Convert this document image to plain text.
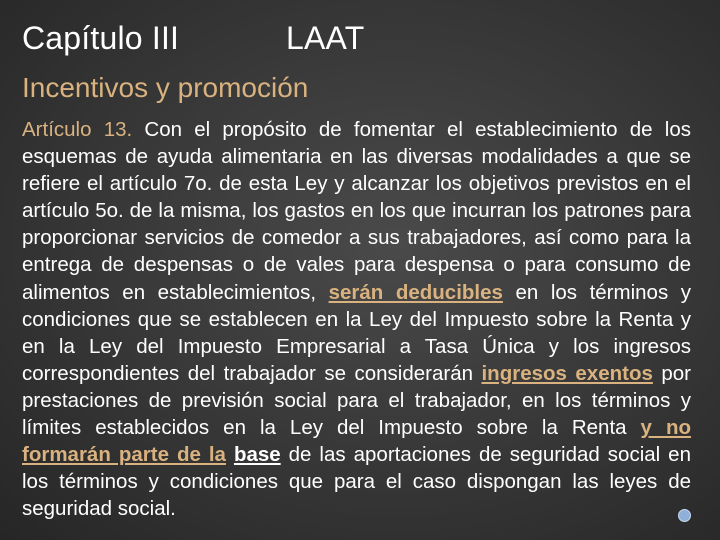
Capítulo III	LAAT
Incentivos y promoción
Artículo 13. Con el propósito de fomentar el establecimiento de los esquemas de ayuda alimentaria en las diversas modalidades a que se refiere el artículo 7o. de esta Ley y alcanzar los objetivos previstos en el artículo 5o. de la misma, los gastos en los que incurran los patrones para proporcionar servicios de comedor a sus trabajadores, así como para la entrega de despensas o de vales para despensa o para consumo de alimentos en establecimientos, serán deducibles en los términos y condiciones que se establecen en la Ley del Impuesto sobre la Renta y en la Ley del Impuesto Empresarial a Tasa Única y los ingresos correspondientes del trabajador se considerarán ingresos exentos por prestaciones de previsión social para el trabajador, en los términos y límites establecidos en la Ley del Impuesto sobre la Renta y no formarán parte de la base de las aportaciones de seguridad social en los términos y condiciones que para el caso dispongan las leyes de seguridad social.
